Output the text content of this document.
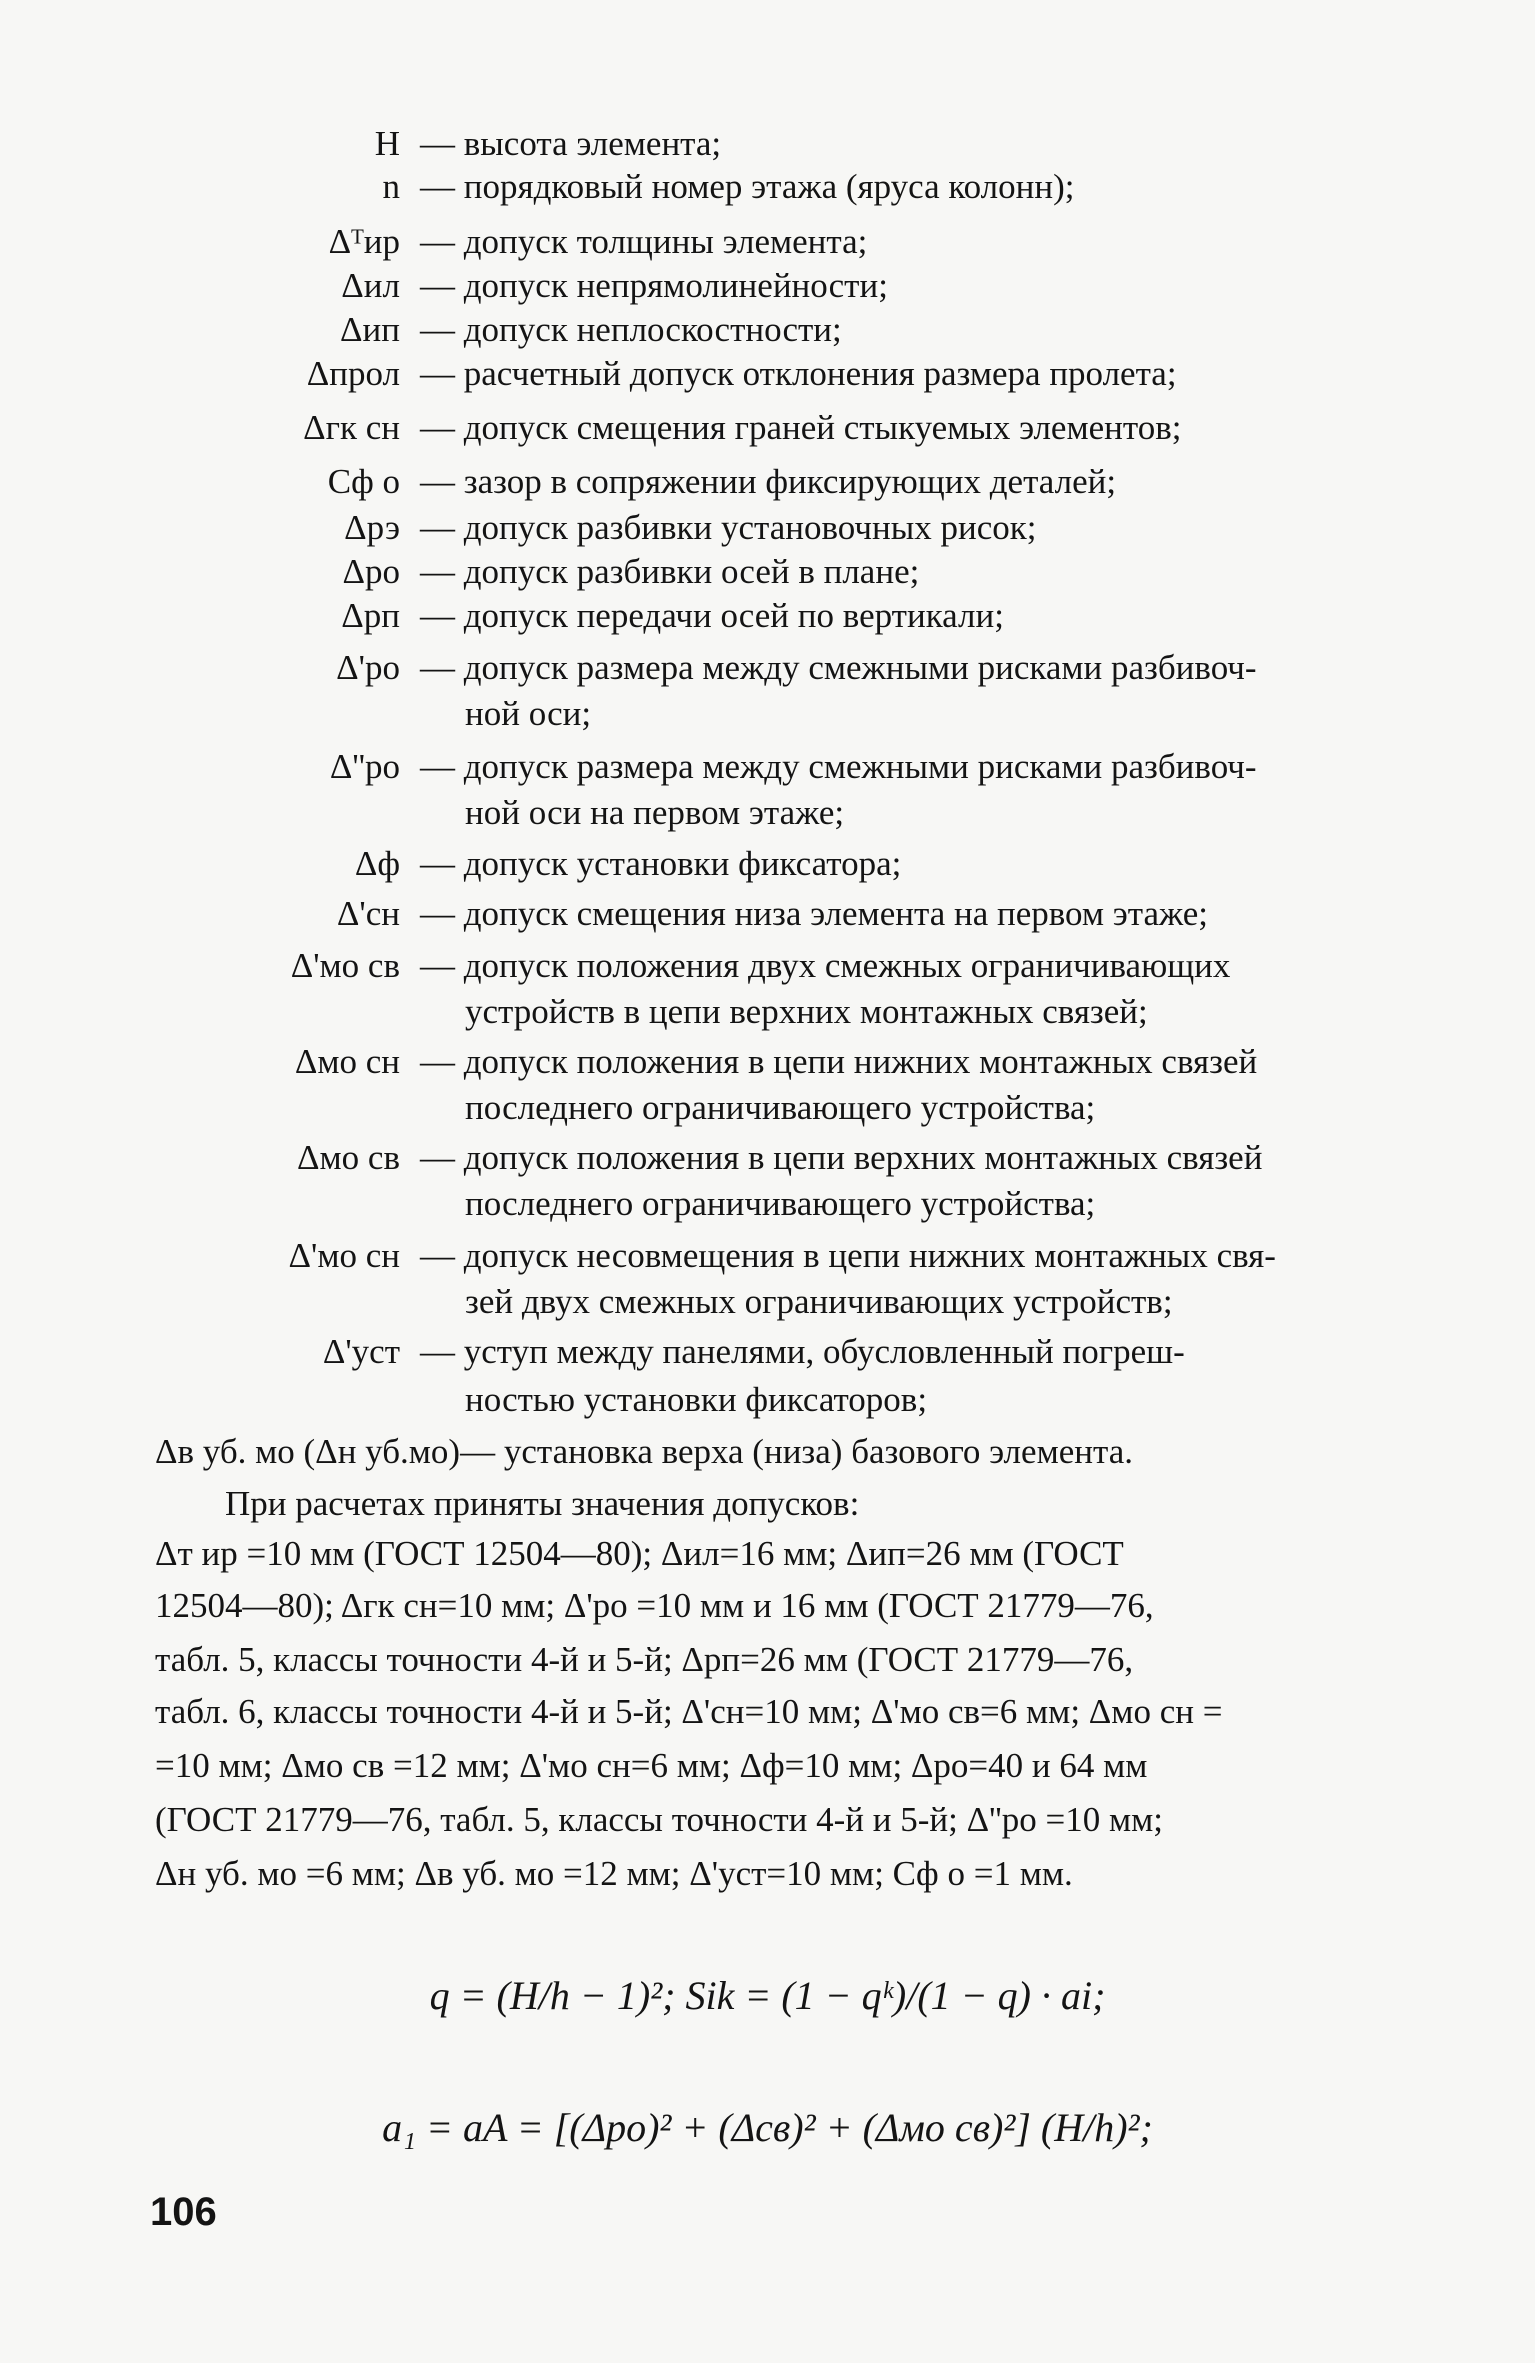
H — высота элемента;
n — порядковый номер этажа (яруса колонн);
Δᵀир — допуск толщины элемента;
Δил — допуск непрямолинейности;
Δип — допуск неплоскостности;
Δпрол — расчетный допуск отклонения размера пролета;
Δгк сн — допуск смещения граней стыкуемых элементов;
Cф о — зазор в сопряжении фиксирующих деталей;
Δрэ — допуск разбивки установочных рисок;
Δро — допуск разбивки осей в плане;
Δрп — допуск передачи осей по вертикали;
Δ'ро — допуск размера между смежными рисками разбивоч-
ной оси;
Δ''ро — допуск размера между смежными рисками разбивоч-
ной оси на первом этаже;
Δф — допуск установки фиксатора;
Δ'сн — допуск смещения низа элемента на первом этаже;
Δ'мо св — допуск положения двух смежных ограничивающих
устройств в цепи верхних монтажных связей;
Δмо сн — допуск положения в цепи нижних монтажных связей
последнего ограничивающего устройства;
Δмо св — допуск положения в цепи верхних монтажных связей
последнего ограничивающего устройства;
Δ'мо сн — допуск несовмещения в цепи нижних монтажных свя-
зей двух смежных ограничивающих устройств;
Δ'уст — уступ между панелями, обусловленный погреш-
ностью установки фиксаторов;
Δв уб. мо (Δн уб.мо)— установка верха (низа) базового элемента.
При расчетах приняты значения допусков:
Δт ир =10 мм (ГОСТ 12504—80); Δил=16 мм; Δип=26 мм (ГОСТ
12504—80); Δгк сн=10 мм; Δ'ро =10 мм и 16 мм (ГОСТ 21779—76,
табл. 5, классы точности 4-й и 5-й; Δрп=26 мм (ГОСТ 21779—76,
табл. 6, классы точности 4-й и 5-й; Δ'сн=10 мм; Δ'мо св=6 мм; Δмо сн =
=10 мм; Δмо св =12 мм; Δ'мо сн=6 мм; Δф=10 мм; Δро=40 и 64 мм
(ГОСТ 21779—76, табл. 5, классы точности 4-й и 5-й; Δ''ро =10 мм;
Δн уб. мо =6 мм; Δв уб. мо =12 мм; Δ'уст=10 мм; Cф о =1 мм.
q = (H/h − 1)²; Sik = (1 − qᵏ)/(1 − q) · ai;
a₁ = aA = [(Δро)² + (Δсв)² + (Δмо св)²] (H/h)²;
106
